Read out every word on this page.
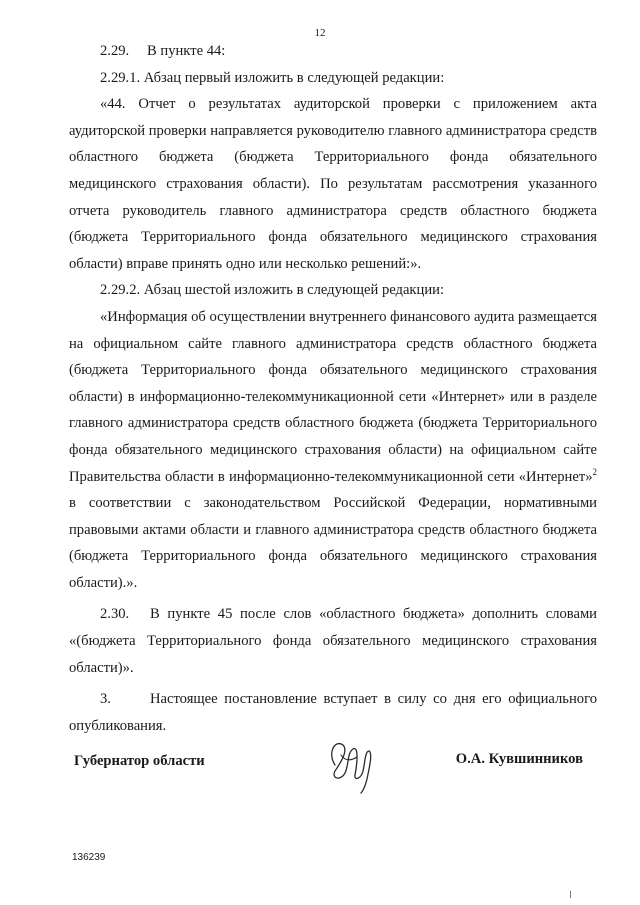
12

2.29. В пункте 44:

2.29.1. Абзац первый изложить в следующей редакции:

«44. Отчет о результатах аудиторской проверки с приложением акта аудиторской проверки направляется руководителю главного администратора средств областного бюджета (бюджета Территориального фонда обязательного медицинского страхования области). По результатам рассмотрения указанного отчета руководитель главного администратора средств областного бюджета (бюджета Территориального фонда обязательного медицинского страхования области) вправе принять одно или несколько решений:».

2.29.2. Абзац шестой изложить в следующей редакции:

«Информация об осуществлении внутреннего финансового аудита размещается на официальном сайте главного администратора средств областного бюджета (бюджета Территориального фонда обязательного медицинского страхования области) в информационно-телекоммуникационной сети «Интернет» или в разделе главного администратора средств областного бюджета (бюджета Территориального фонда обязательного медицинского страхования области) на официальном сайте Правительства области в информационно-телекоммуникационной сети «Интернет»$^2$ в соответствии с законодательством Российской Федерации, нормативными правовыми актами области и главного администратора средств областного бюджета (бюджета Территориального фонда обязательного медицинского страхования области).».

2.30. В пункте 45 после слов «областного бюджета» дополнить словами «(бюджета Территориального фонда обязательного медицинского страхования области)».

3.	Настоящее постановление вступает в силу со дня его официального опубликования.

Губернатор области	О.А. Кувшинников
136239
